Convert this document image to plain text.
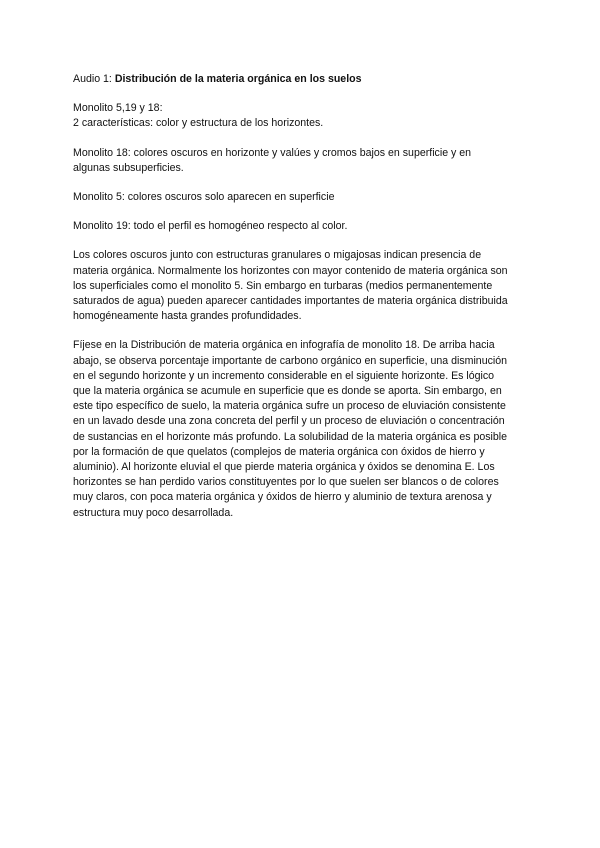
Audio 1: Distribución de la materia orgánica en los suelos

Monolito 5,19 y 18:
2 características: color y estructura de los horizontes.

Monolito 18: colores oscuros en horizonte y valúes y cromos bajos en superficie y en
algunas subsuperficies.

Monolito 5: colores oscuros solo aparecen en superficie

Monolito 19: todo el perfil es homogéneo respecto al color.

Los colores oscuros junto con estructuras granulares o migajosas indican presencia de
materia orgánica. Normalmente los horizontes con mayor contenido de materia orgánica son
los superficiales como el monolito 5. Sin embargo en turbaras (medios permanentemente
saturados de agua) pueden aparecer cantidades importantes de materia orgánica distribuida
homogéneamente hasta grandes profundidades.

Fíjese en la Distribución de materia orgánica en infografía de monolito 18. De arriba hacia
abajo, se observa porcentaje importante de carbono orgánico en superficie, una disminución
en el segundo horizonte y un incremento considerable en el siguiente horizonte. Es lógico
que la materia orgánica se acumule en superficie que es donde se aporta. Sin embargo, en
este tipo específico de suelo, la materia orgánica sufre un proceso de eluviación consistente
en un lavado desde una zona concreta del perfil y un proceso de eluviación o concentración
de sustancias en el horizonte más profundo. La solubilidad de la materia orgánica es posible
por la formación de que quelatos (complejos de materia orgánica con óxidos de hierro y
aluminio). Al horizonte eluvial el que pierde materia orgánica y óxidos se denomina E. Los
horizontes se han perdido varios constituyentes por lo que suelen ser blancos o de colores
muy claros, con poca materia orgánica y óxidos de hierro y aluminio de textura arenosa y
estructura muy poco desarrollada.
